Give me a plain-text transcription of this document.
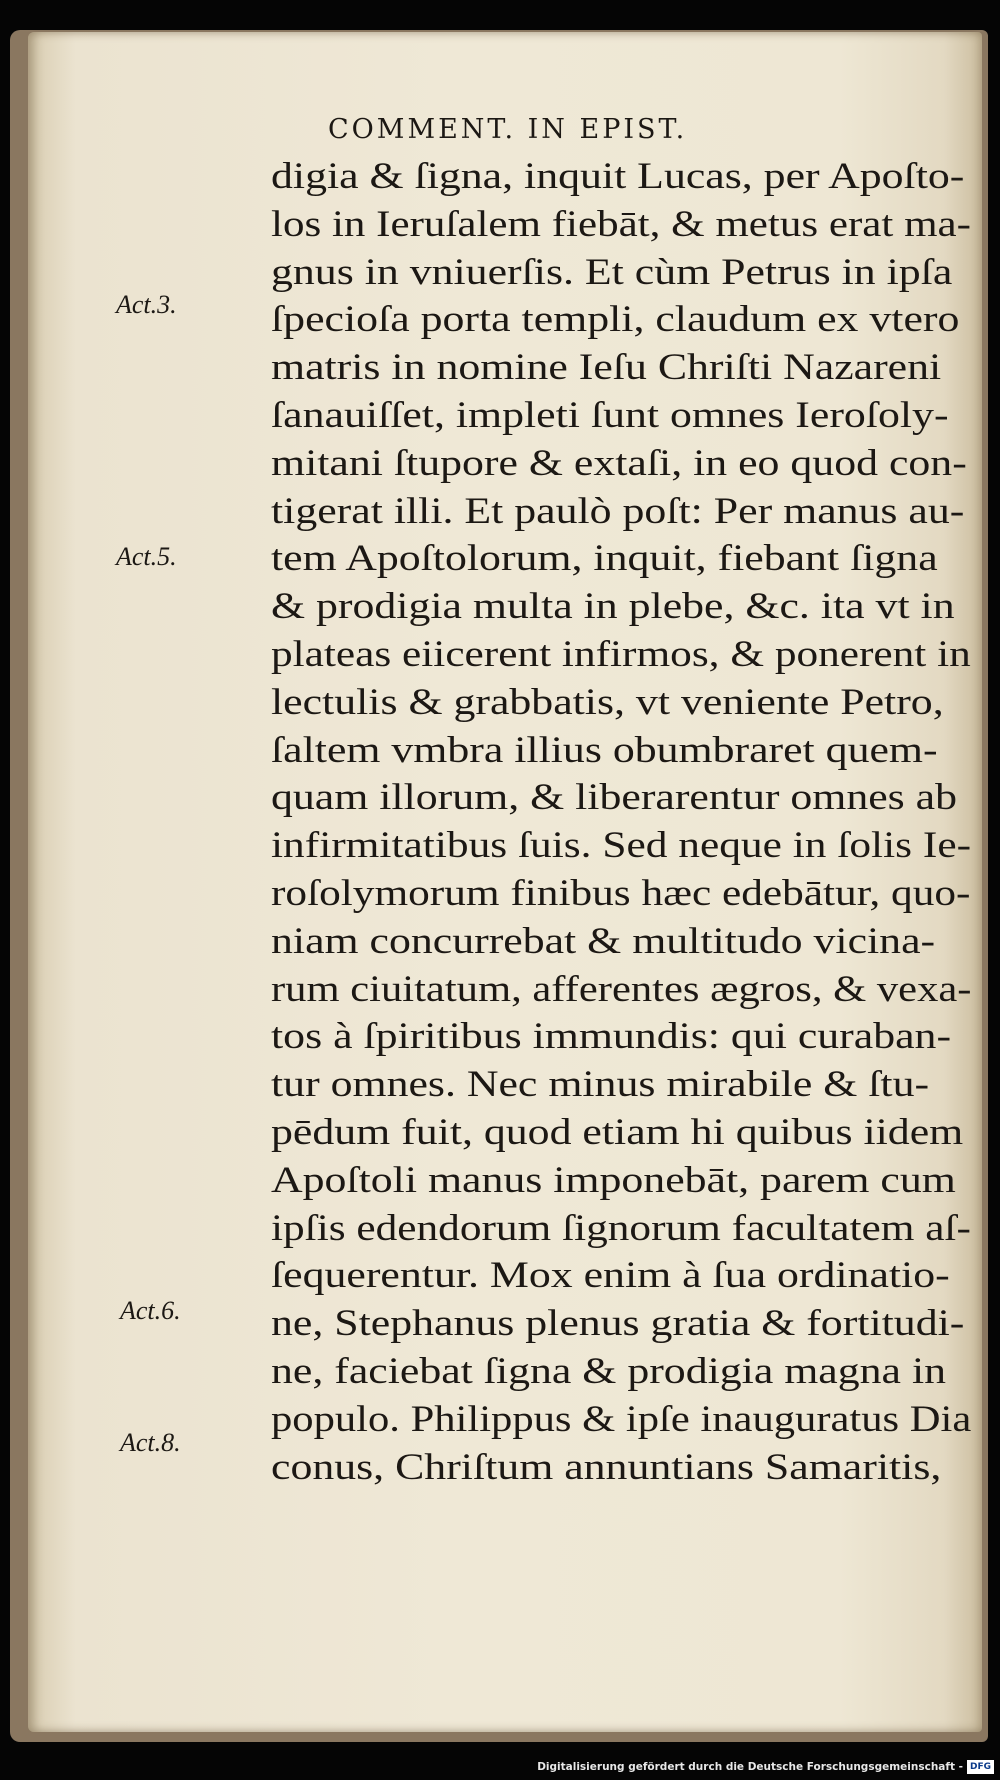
COMMENT. IN EPIST.
digia & ſigna, inquit Lucas, per Apoſto-
los in Ieruſalem fiebāt, & metus erat ma-
gnus in vniuerſis. Et cùm Petrus in ipſa
ſpecioſa porta templi, claudum ex vtero
matris in nomine Ieſu Chriſti Nazareni
ſanauiſſet, impleti ſunt omnes Ieroſoly-
mitani ſtupore & extaſi, in eo quod con-
tigerat illi. Et paulò poſt: Per manus au-
tem Apoſtolorum, inquit, fiebant ſigna
& prodigia multa in plebe, &c. ita vt in
plateas eiicerent infirmos, & ponerent in
lectulis & grabbatis, vt veniente Petro,
ſaltem vmbra illius obumbraret quem-
quam illorum, & liberarentur omnes ab
infirmitatibus ſuis. Sed neque in ſolis Ie-
roſolymorum finibus hæc edebātur, quo-
niam concurrebat & multitudo vicina-
rum ciuitatum, afferentes ægros, & vexa-
tos à ſpiritibus immundis: qui curaban-
tur omnes. Nec minus mirabile & ſtu-
pēdum fuit, quod etiam hi quibus iidem
Apoſtoli manus imponebāt, parem cum
ipſis edendorum ſignorum facultatem aſ-
ſequerentur. Mox enim à ſua ordinatio-
ne, Stephanus plenus gratia & fortitudi-
ne, faciebat ſigna & prodigia magna in
populo. Philippus & ipſe inauguratus Dia
conus, Chriſtum annuntians Samaritis,
Act.3.
Act.5.
Act.6.
Act.8.
Digitalisierung gefördert durch die Deutsche Forschungsgemeinschaft - DFG
